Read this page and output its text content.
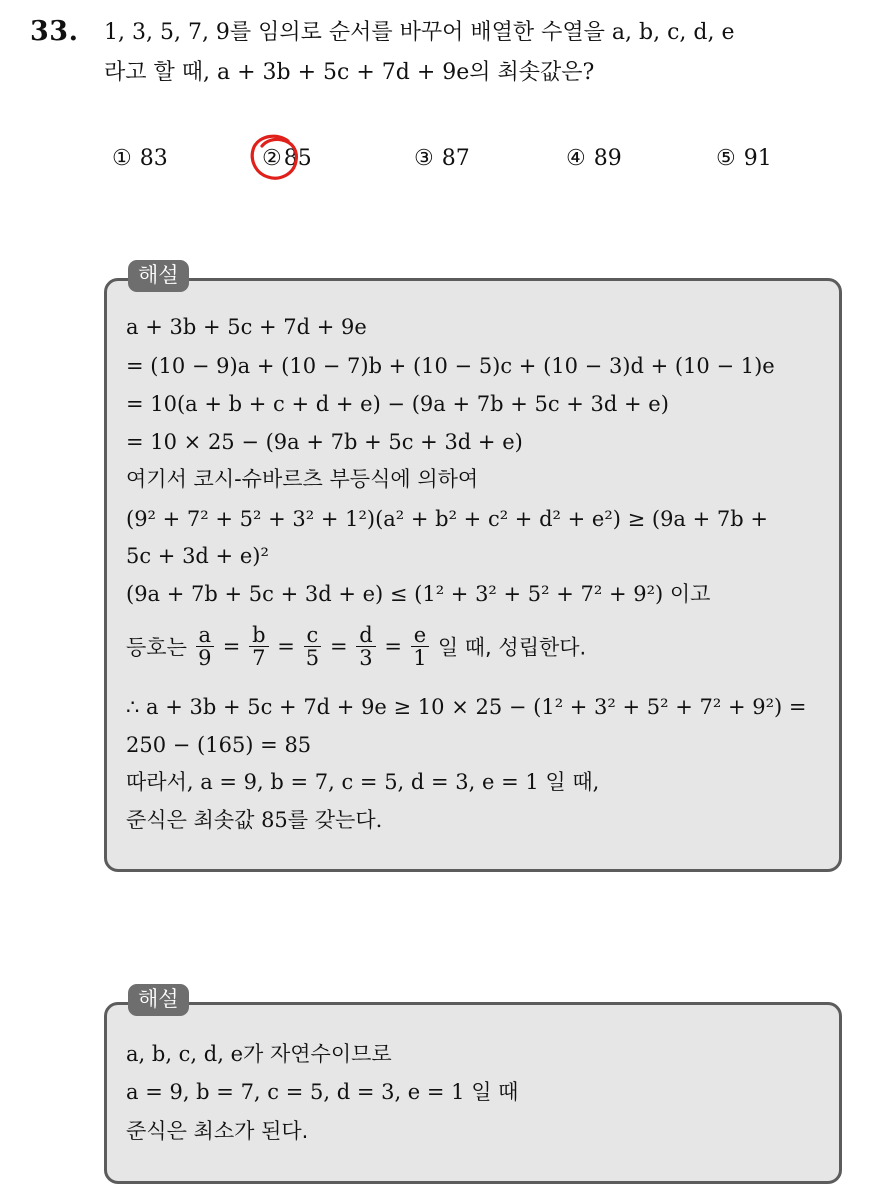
33. 1, 3, 5, 7, 9를 임의로 순서를 바꾸어 배열한 수열을 a, b, c, d, e
라고 할 때, a + 3b + 5c + 7d + 9e의 최솟값은?
① 83	②85	③ 87	④ 89	⑤ 91
해설
a + 3b + 5c + 7d + 9e
= (10 − 9)a + (10 − 7)b + (10 − 5)c + (10 − 3)d + (10 − 1)e
= 10(a + b + c + d + e) − (9a + 7b + 5c + 3d + e)
= 10 × 25 − (9a + 7b + 5c + 3d + e)
여기서 코시-슈바르츠 부등식에 의하여
(9² + 7² + 5² + 3² + 1²)(a² + b² + c² + d² + e²) ≥ (9a + 7b +
5c + 3d + e)²
(9a + 7b + 5c + 3d + e) ≤ (1² + 3² + 5² + 7² + 9²) 이고
등호는 $\frac{a}{9} = \frac{b}{7} = \frac{c}{5} = \frac{d}{3} = \frac{e}{1}$ 일 때, 성립한다.
∴ a + 3b + 5c + 7d + 9e ≥ 10 × 25 − (1² + 3² + 5² + 7² + 9²) =
250 − (165) = 85
따라서, a = 9, b = 7, c = 5, d = 3, e = 1 일 때,
준식은 최솟값 85를 갖는다.
해설
a, b, c, d, e가 자연수이므로
a = 9, b = 7, c = 5, d = 3, e = 1 일 때
준식은 최소가 된다.
